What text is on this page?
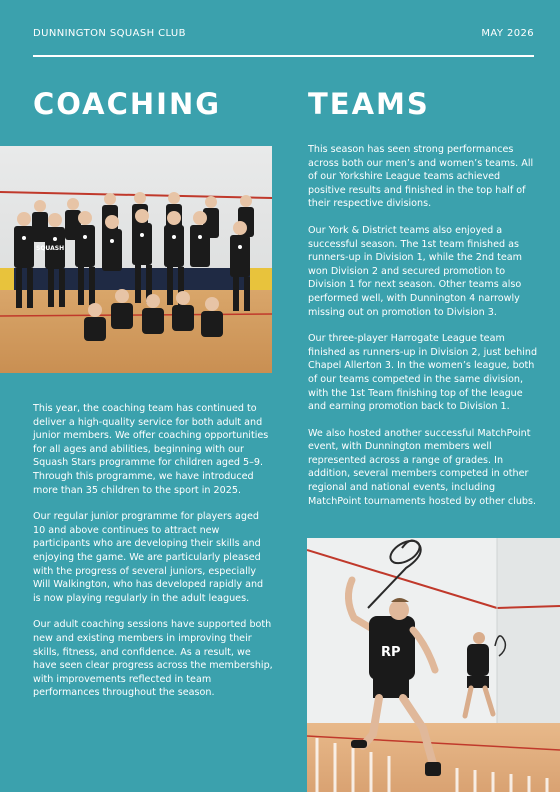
DUNNINGTON SQUASH CLUB	MAY 2026
COACHING	TEAMS
SQUASH

This year, the coaching team has continued to deliver a high-quality service for both adult and junior members. We offer coaching opportunities for all ages and abilities, beginning with our Squash Stars programme for children aged 5–9. Through this programme, we have introduced more than 35 children to the sport in 2025.

Our regular junior programme for players aged 10 and above continues to attract new participants who are developing their skills and enjoying the game. We are particularly pleased with the progress of several juniors, especially Will Walkington, who has developed rapidly and is now playing regularly in the adult leagues.

Our adult coaching sessions have supported both new and existing members in improving their skills, fitness, and confidence. As a result, we have seen clear progress across the membership, with improvements reflected in team performances throughout the season.

This season has seen strong performances across both our men’s and women’s teams. All of our Yorkshire League teams achieved positive results and finished in the top half of their respective divisions.

Our York & District teams also enjoyed a successful season. The 1st team finished as runners-up in Division 1, while the 2nd team won Division 2 and secured promotion to Division 1 for next season. Other teams also performed well, with Dunnington 4 narrowly missing out on promotion to Division 3.

Our three-player Harrogate League team finished as runners-up in Division 2, just behind Chapel Allerton 3. In the women’s league, both of our teams competed in the same division, with the 1st Team finishing top of the league and earning promotion back to Division 1.

We also hosted another successful MatchPoint event, with Dunnington members well represented across a range of grades. In addition, several members competed in other regional and national events, including MatchPoint tournaments hosted by other clubs.

RP
